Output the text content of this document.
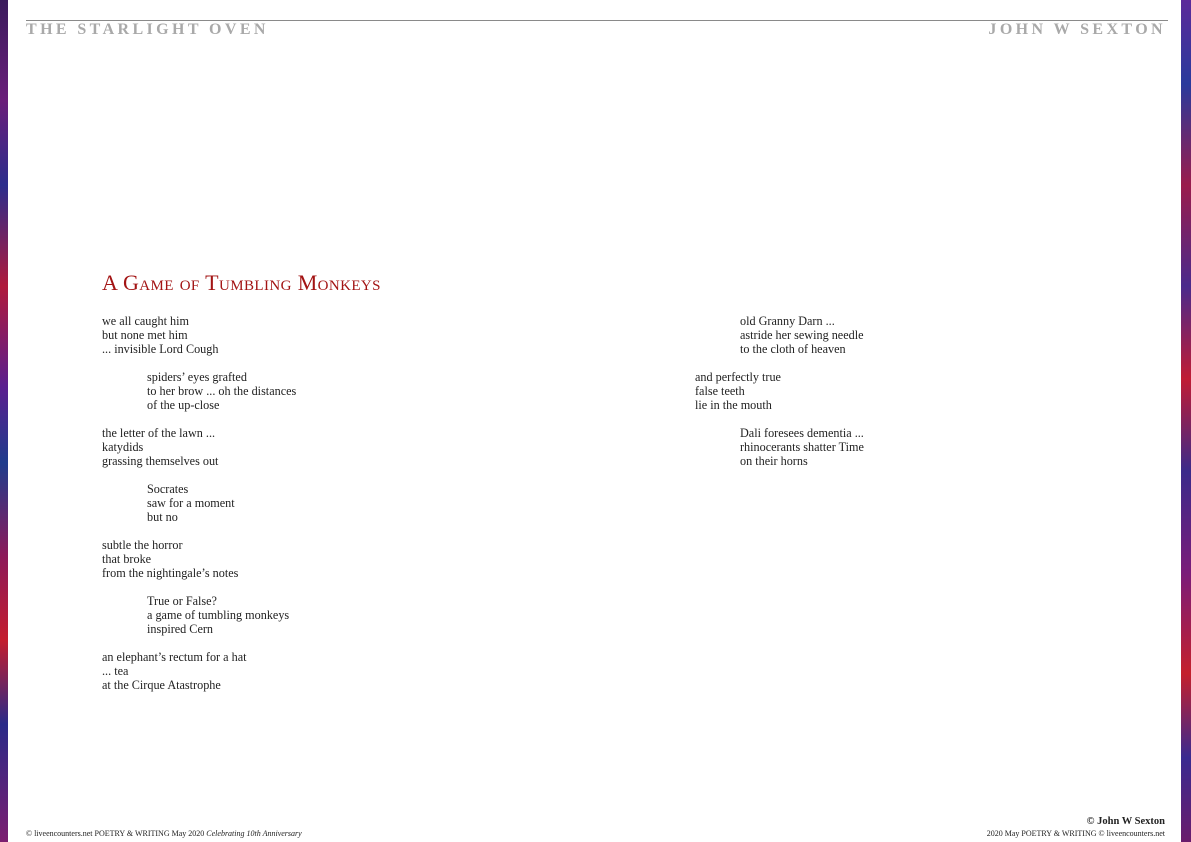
THE STARLIGHT OVEN	JOHN W SEXTON
A Game of Tumbling Monkeys
we all caught him
but none met him
... invisible Lord Cough
spiders’ eyes grafted
to her brow ... oh the distances
of the up-close
the letter of the lawn ...
katydids
grassing themselves out
Socrates
saw for a moment
but no
subtle the horror
that broke
from the nightingale’s notes
True or False?
a game of tumbling monkeys
inspired Cern
an elephant’s rectum for a hat
... tea
at the Cirque Atastrophe
old Granny Darn ...
astride her sewing needle
to the cloth of heaven
and perfectly true
false teeth
lie in the mouth
Dali foresees dementia ...
rhinocerants shatter Time
on their horns
© liveencounters.net POETRY & WRITING May 2020 Celebrating 10th Anniversary
© John W Sexton
2020 May POETRY & WRITING © liveencounters.net
